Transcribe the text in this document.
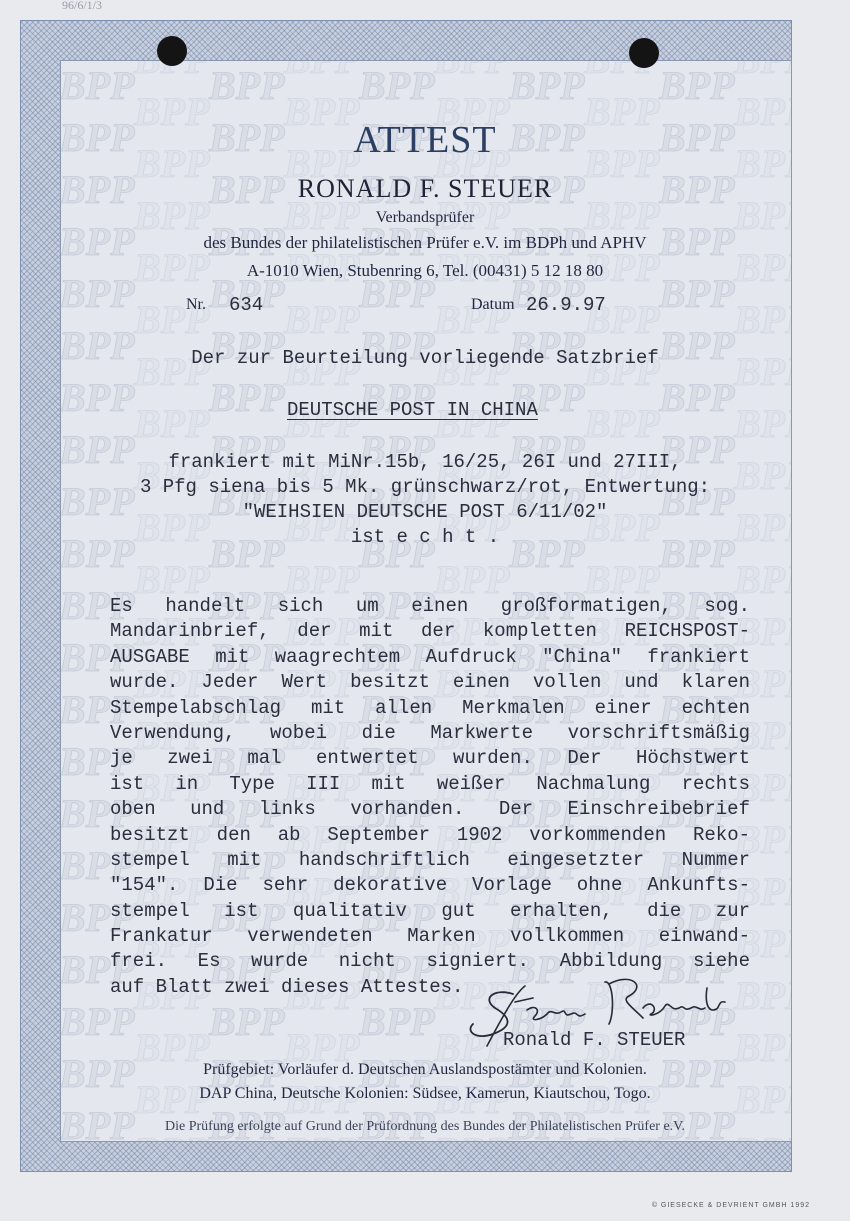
96/6/1/3
ATTEST
RONALD F. STEUER
Verbandsprüfer
des Bundes der philatelistischen Prüfer e.V. im BDPh und APHV
A-1010 Wien, Stubenring 6, Tel. (00431) 5 12 18 80
Nr. 634	Datum 26.9.97
Der zur Beurteilung vorliegende Satzbrief
DEUTSCHE POST IN CHINA
frankiert mit MiNr.15b, 16/25, 26I und 27III,
3 Pfg siena bis 5 Mk. grünschwarz/rot, Entwertung:
"WEIHSIEN DEUTSCHE POST 6/11/02"
ist e c h t .
Es handelt sich um einen großformatigen, sog.
Mandarinbrief, der mit der kompletten REICHSPOST-
AUSGABE mit waagrechtem Aufdruck "China" frankiert
wurde. Jeder Wert besitzt einen vollen und klaren
Stempelabschlag mit allen Merkmalen einer echten
Verwendung, wobei die Markwerte vorschriftsmäßig
je zwei mal entwertet wurden. Der Höchstwert
ist in Type III mit weißer Nachmalung rechts
oben und links vorhanden. Der Einschreibebrief
besitzt den ab September 1902 vorkommenden Reko-
stempel mit handschriftlich eingesetzter Nummer
"154". Die sehr dekorative Vorlage ohne Ankunfts-
stempel ist qualitativ gut erhalten, die zur
Frankatur verwendeten Marken vollkommen einwand-
frei. Es wurde nicht signiert. Abbildung siehe
auf Blatt zwei dieses Attestes.
Ronald F. STEUER
Prüfgebiet: Vorläufer d. Deutschen Auslandspostämter und Kolonien.
DAP China, Deutsche Kolonien: Südsee, Kamerun, Kiautschou, Togo.
Die Prüfung erfolgte auf Grund der Prüfordnung des Bundes der Philatelistischen Prüfer e.V.
© GIESECKE & DEVRIENT GMBH 1992
